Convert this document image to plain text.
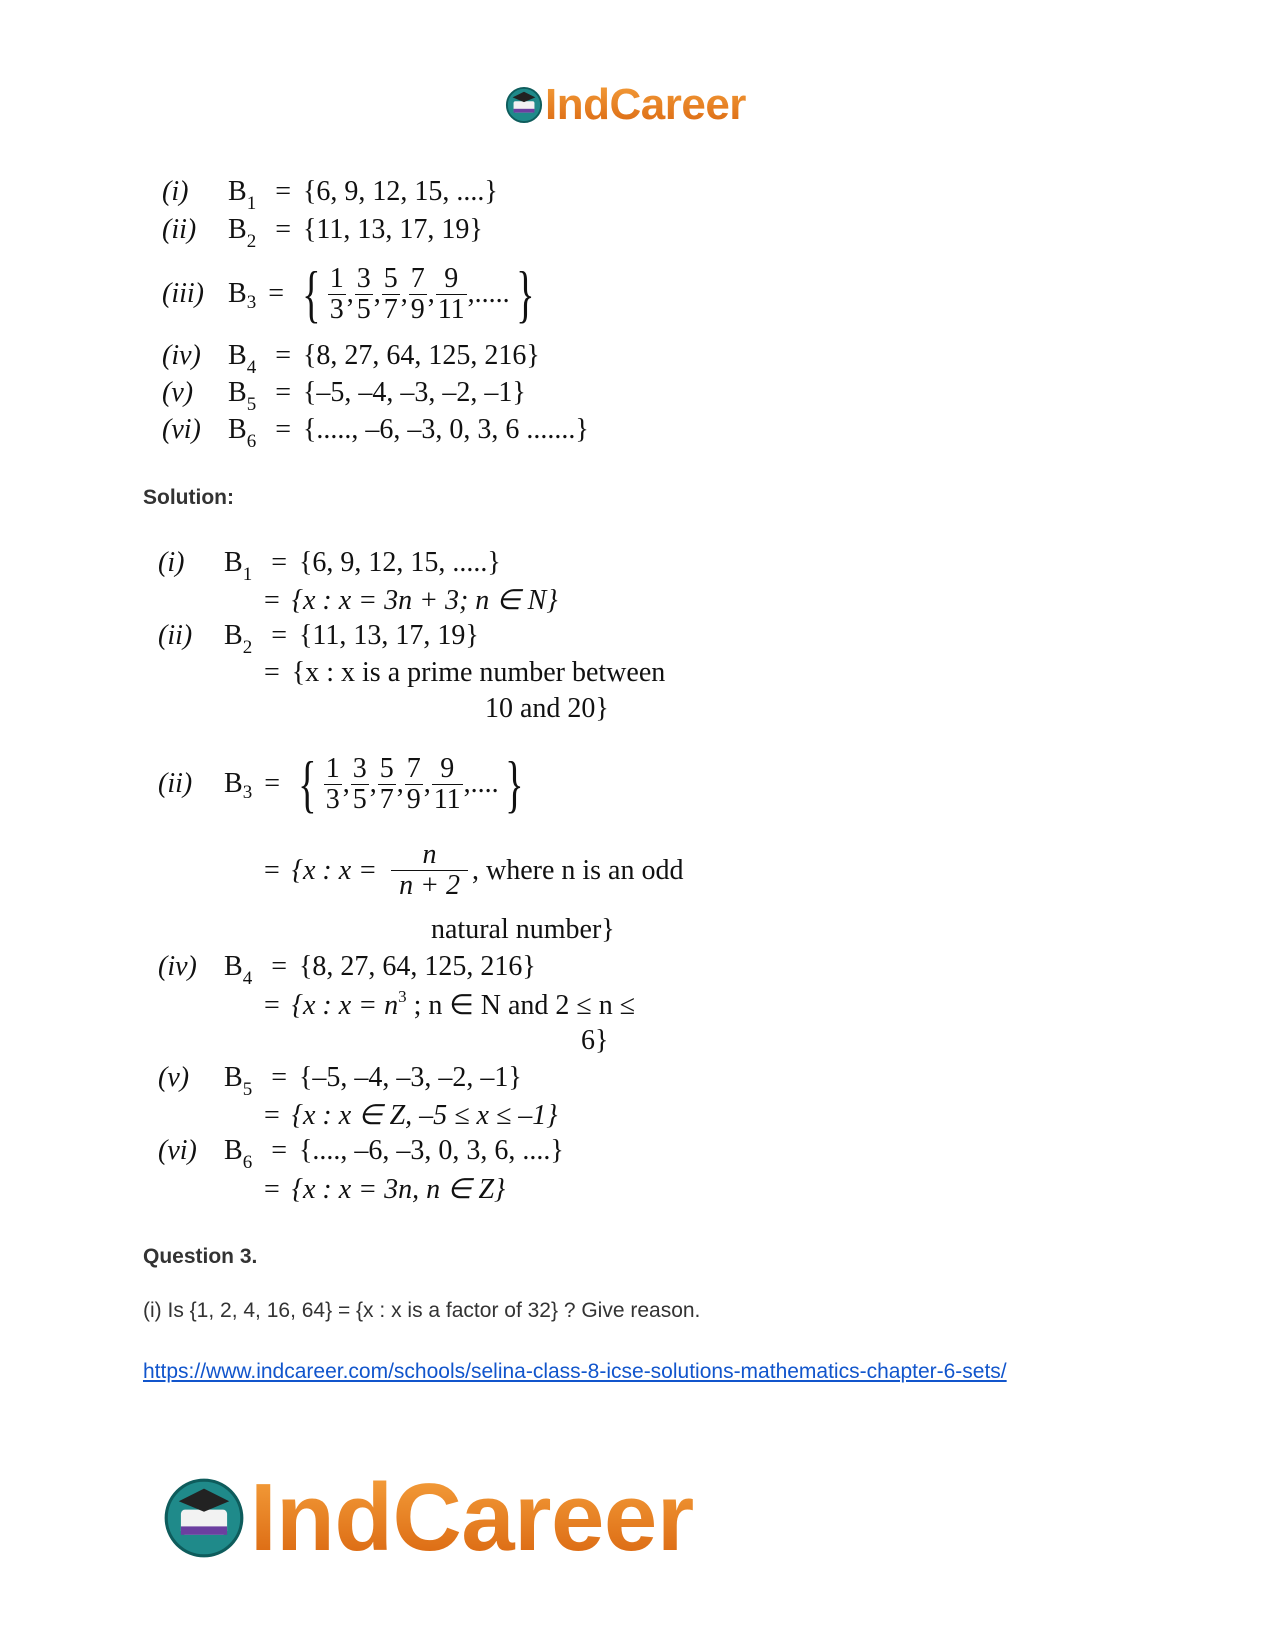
IndCareer
(i) $B_1 = \{6$, 9, 12, 15, ....}
(ii) $B_2 = \{11$, 13, 17, 19}
(iii) B 3 = { $\frac{1}{3}$ , $\frac{3}{5}$ , $\frac{5}{7}$ , $\frac{7}{9}$ , $\frac{9}{11}$ ,..... }
(iv) $B_4 = \{8$, 27, 64, 125, 216}
(v) $B_5 = \{-5$, –4, –3, –2, –1}
(vi) $B_6$ = {....., –6, –3, 0, 3, 6 .......}
Solution:
(i) $B_1 = \{6$, 9, 12, 15, .....}
= {x : x = 3n + 3; n ∈ N}
(ii) $B_2 = \{11$, 13, 17, 19}
= {x : x is a prime number between
10 and 20}
(ii)	B 3 = { $\frac{1}{3}$ , $\frac{3}{5}$ , $\frac{5}{7}$ , $\frac{7}{9}$ , $\frac{9}{11}$ ,.... }
= {x : $x = \frac{n}{n + 2}$ , where n is an odd
natural number}
(iv) $B_4 = \{8$, 27, 64, 125, 216}
= {x : $x = n^3$ ; n ∈ N and 2 ≤ n ≤
6}
(v) $B_5 = \{-5$, –4, –3, –2, –1}
= {x : x ∈ Z, –5 ≤ x ≤ –1}
(vi) $B_6$ = {...., –6, –3, 0, 3, 6, ....}
= {x : x = 3n, n ∈ Z}
Question 3.
(i) Is {1, 2, 4, 16, 64} = {x : x is a factor of 32} ? Give reason.
https://www.indcareer.com/schools/selina-class-8-icse-solutions-mathematics-chapter-6-sets/
IndCareer
